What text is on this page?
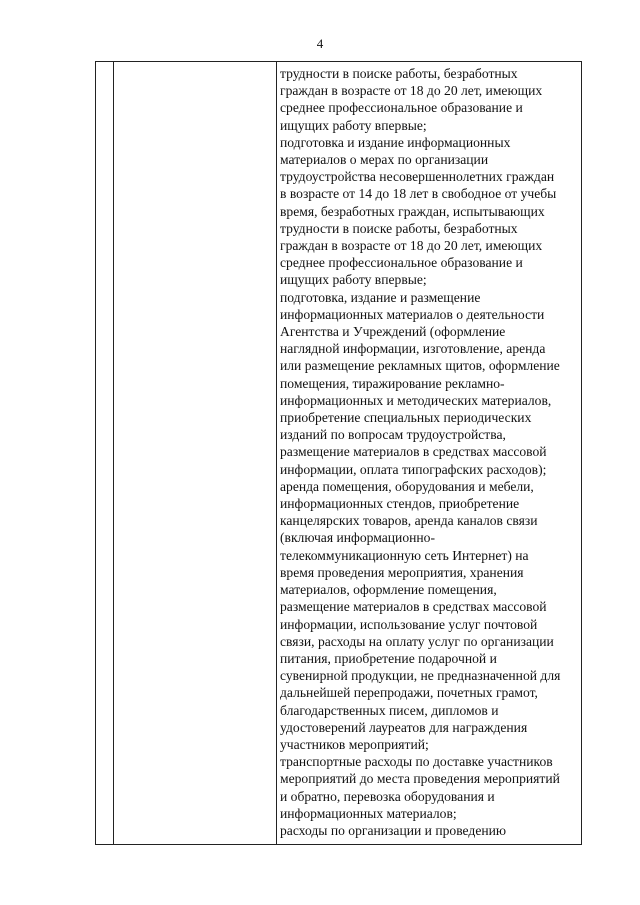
4
трудности в поиске работы, безработных
граждан в возрасте от 18 до 20 лет, имеющих
среднее профессиональное образование и
ищущих работу впервые;
подготовка и издание информационных
материалов о мерах по организации
трудоустройства несовершеннолетних граждан
в возрасте от 14 до 18 лет в свободное от учебы
время, безработных граждан, испытывающих
трудности в поиске работы, безработных
граждан в возрасте от 18 до 20 лет, имеющих
среднее профессиональное образование и
ищущих работу впервые;
подготовка, издание и размещение
информационных материалов о деятельности
Агентства и Учреждений (оформление
наглядной информации, изготовление, аренда
или размещение рекламных щитов, оформление
помещения, тиражирование рекламно-
информационных и методических материалов,
приобретение специальных периодических
изданий по вопросам трудоустройства,
размещение материалов в средствах массовой
информации, оплата типографских расходов);
аренда помещения, оборудования и мебели,
информационных стендов, приобретение
канцелярских товаров, аренда каналов связи
(включая информационно-
телекоммуникационную сеть Интернет) на
время проведения мероприятия, хранения
материалов, оформление помещения,
размещение материалов в средствах массовой
информации, использование услуг почтовой
связи, расходы на оплату услуг по организации
питания, приобретение подарочной и
сувенирной продукции, не предназначенной для
дальнейшей перепродажи, почетных грамот,
благодарственных писем, дипломов и
удостоверений лауреатов для награждения
участников мероприятий;
транспортные расходы по доставке участников
мероприятий до места проведения мероприятий
и обратно, перевозка оборудования и
информационных материалов;
расходы по организации и проведению
